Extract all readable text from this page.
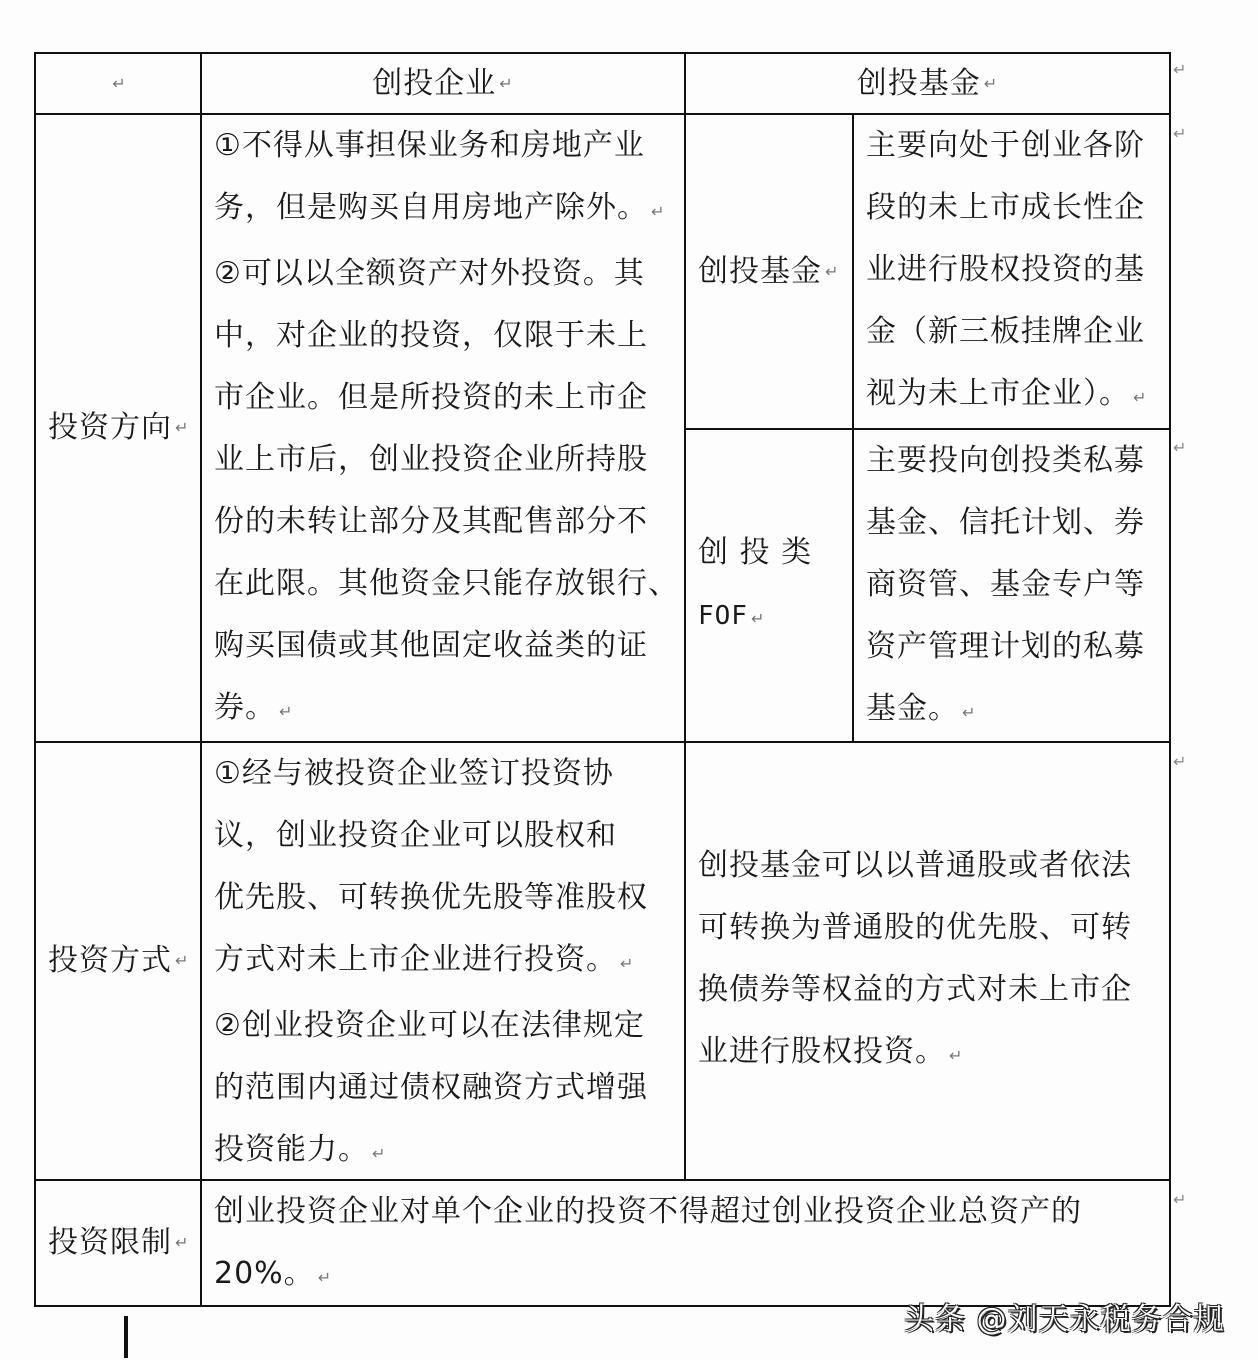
↵	创投企业 ↵	创投基金 ↵
投资方向 ↵
①不得从事担保业务和房地产业
务，但是购买自用房地产除外。 ↵
②可以以全额资产对外投资。其
中，对企业的投资，仅限于未上
市企业。但是所投资的未上市企
业上市后，创业投资企业所持股
份的未转让部分及其配售部分不
在此限。其他资金只能存放银行、
购买国债或其他固定收益类的证
券。 ↵
创投基金 ↵
主要向处于创业各阶
段的未上市成长性企
业进行股权投资的基
金（新三板挂牌企业
视为未上市企业）。 ↵
创 投 类
FOF ↵
主要投向创投类私募
基金、信托计划、券
商资管、基金专户等
资产管理计划的私募
基金。 ↵
投资方式 ↵
①经与被投资企业签订投资协
议，创业投资企业可以股权和
优先股、可转换优先股等准股权
方式对未上市企业进行投资。 ↵
②创业投资企业可以在法律规定
的范围内通过债权融资方式增强
投资能力。 ↵
创投基金可以以普通股或者依法
可转换为普通股的优先股、可转
换债券等权益的方式对未上市企
业进行股权投资。 ↵
投资限制 ↵
创业投资企业对单个企业的投资不得超过创业投资企业总资产的
20%。 ↵
↵
↵
↵
↵
↵
头条 @刘天永税务合规
